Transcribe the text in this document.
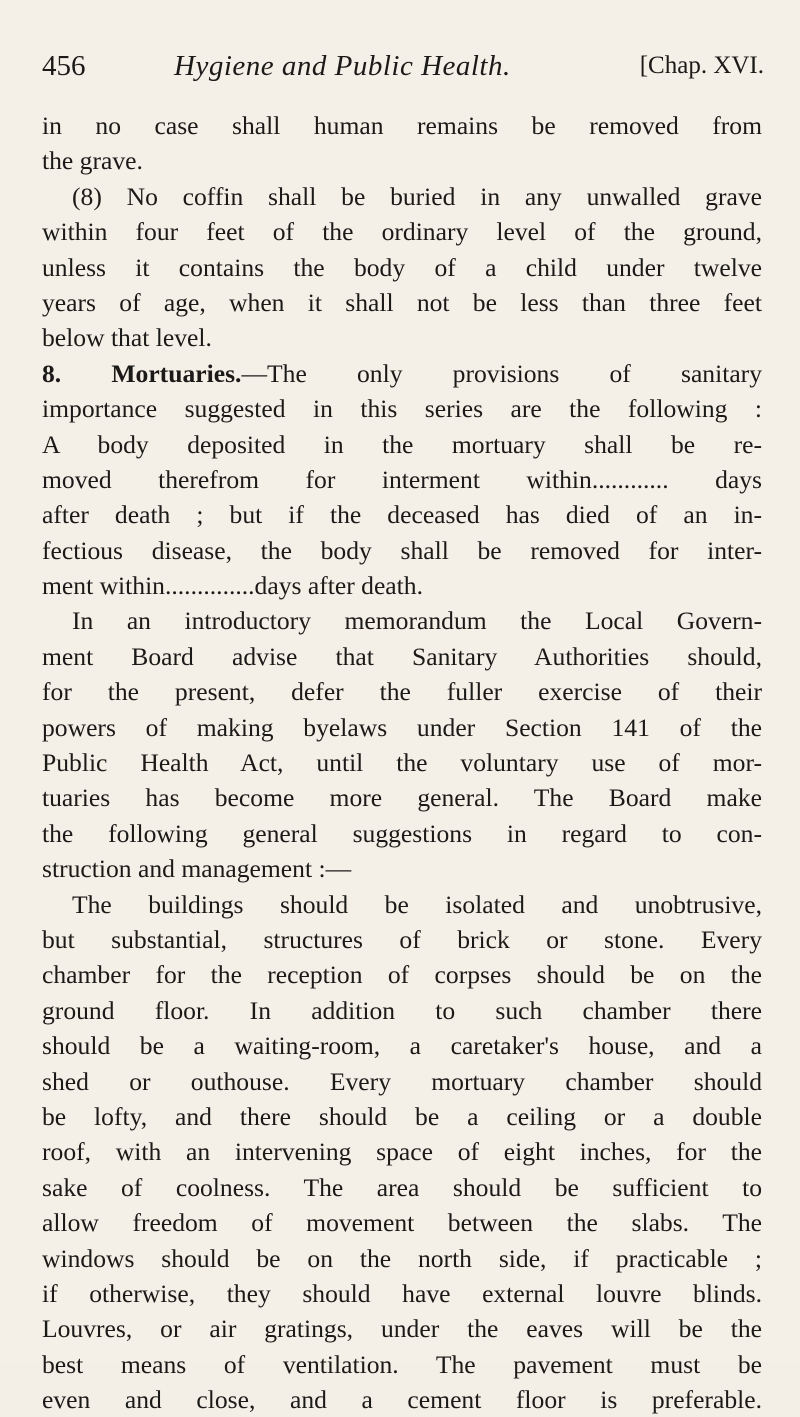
456	Hygiene and Public Health.	[Chap. XVI.
in no case shall human remains be removed from
the grave.
(8) No coffin shall be buried in any unwalled grave
within four feet of the ordinary level of the ground,
unless it contains the body of a child under twelve
years of age, when it shall not be less than three feet
below that level.
8. Mortuaries.—The only provisions of sanitary
importance suggested in this series are the following :
A body deposited in the mortuary shall be re-
moved therefrom for interment within............ days
after death ; but if the deceased has died of an in-
fectious disease, the body shall be removed for inter-
ment within..............days after death.
In an introductory memorandum the Local Govern-
ment Board advise that Sanitary Authorities should,
for the present, defer the fuller exercise of their
powers of making byelaws under Section 141 of the
Public Health Act, until the voluntary use of mor-
tuaries has become more general. The Board make
the following general suggestions in regard to con-
struction and management :—
The buildings should be isolated and unobtrusive,
but substantial, structures of brick or stone. Every
chamber for the reception of corpses should be on the
ground floor. In addition to such chamber there
should be a waiting-room, a caretaker's house, and a
shed or outhouse. Every mortuary chamber should
be lofty, and there should be a ceiling or a double
roof, with an intervening space of eight inches, for the
sake of coolness. The area should be sufficient to
allow freedom of movement between the slabs. The
windows should be on the north side, if practicable ;
if otherwise, they should have external louvre blinds.
Louvres, or air gratings, under the eaves will be the
best means of ventilation. The pavement must be
even and close, and a cement floor is preferable.
